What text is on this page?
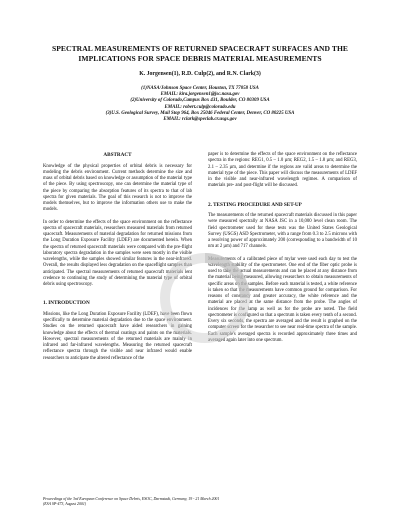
SPECTRAL MEASUREMENTS OF RETURNED SPACECRAFT SURFACES AND THE IMPLICATIONS FOR SPACE DEBRIS MATERIAL MEASUREMENTS
K. Jorgensen(1), R.D. Culp(2), and R.N. Clark(3)
(1)NASA/Johnson Space Center, Houston, TX 77058 USA
EMAIL: kira.jorgensen1@jsc.nasa.gov
(2)University of Colorado,Campus Box 431, Boulder, CO 80309 USA
EMAIL: robert.culp@colorado.edu
(3)U.S. Geological Survey, Mail Stop 964, Box 25046 Federal Center, Denver, CO 80225 USA
EMAIL: rclark@speclab.cr.usgs.gov
ABSTRACT

Knowledge of the physical properties of orbital debris is necessary for modeling the debris environment. Current methods determine the size and mass of orbital debris based on knowledge or assumption of the material type of the piece. By using spectroscopy, one can determine the material type of the piece by comparing the absorption features of its spectra to that of lab spectra for given materials. The goal of this research is not to improve the models themselves, but to improve the information others use to make the models.

In order to determine the effects of the space environment on the reflectance spectra of spacecraft materials, researchers measured materials from returned spacecraft. Measurements of material degradation for returned missions from the Long Duration Exposure Facility (LDEF) are documented herein. When the spectra of returned spacecraft materials were compared with the pre-flight laboratory spectra degradation in the samples were seen mostly in the visible wavelengths, while the samples showed similar features in the near-infrared. Overall, the results displayed less degradation on the spaceflight samples than anticipated. The spectral measurements of returned spacecraft materials lent credence to continuing the study of determining the material type of orbital debris using spectroscopy.

1. INTRODUCTION

Missions, like the Long Duration Exposure Facility (LDEF), have been flown specifically to determine material degradation due to the space environment. Studies on the returned spacecraft have aided researchers in gaining knowledge about the effects of thermal coatings and paints on the materials. However, spectral measurements of the returned materials are mainly in infrared and far-infrared wavelengths. Measuring the returned spacecraft reflectance spectra through the visible and near infrared would enable researchers to anticipate the altered reflectance of the

paper is to determine the effects of the space environment on the reflectance spectra in the regions: REG1, 0.5 – 1.0 µm; REG2, 1.5 – 1.8 µm; and REG3, 2.1 – 2.35 µm, and determine if the regions are valid areas to determine the material type of the piece. This paper will discuss the measurements of LDEF in the visible and near-infrared wavelength regimes. A comparison of materials pre- and post-flight will be discussed.

2. TESTING PROCEDURE AND SET-UP

The measurements of the returned spacecraft materials discussed in this paper were measured spectrally at NASA JSC in a 10,000 level clean room. The field spectrometer used for these tests was the United States Geological Survey (USGS) ASD Spectrometer, with a range from 0.3 to 2.5 microns with a resolving power of approximately 200 (corresponding to a bandwidth of 10 nm at 2 µm) and 717 channels.

Measurements of a calibrated piece of mylar were used each day to test the wavelength stability of the spectrometer. One end of the fiber optic probe is used to take the actual measurements and can be placed at any distance from the material being measured, allowing researchers to obtain measurements of specific areas on the samples. Before each material is tested, a white reference is taken so that the measurements have common ground for comparison. For reasons of constancy and greater accuracy, the white reference and the material are placed at the same distance from the probe. The angles of incidences for the lamp as well as for the probe are noted. The field spectrometer is configured so that a spectrum is taken every tenth of a second. Every six seconds, the spectra are averaged and the result is graphed on the computer screen for the researcher to see near real-time spectra of the sample. Each sample's averaged spectra is recorded approximately three times and averaged again later into one spectrum.

Proceedings of the 3rd European Conference on Space Debris, ESOC, Darmstadt, Germany, 19 - 21 March 2001
(ESA SP-473, August 2001)
